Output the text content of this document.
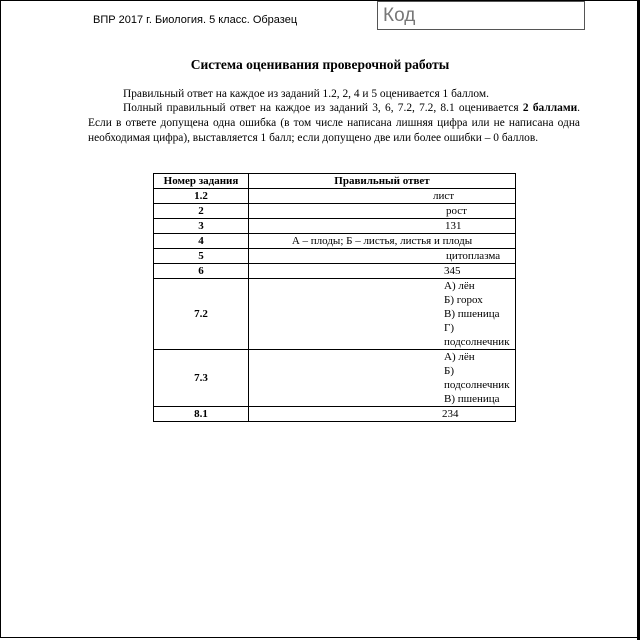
ВПР 2017 г. Биология. 5 класс. Образец	Код
Система оценивания проверочной работы
Правильный ответ на каждое из заданий 1.2, 2, 4 и 5 оценивается 1 баллом.
Полный правильный ответ на каждое из заданий 3, 6, 7.2, 7.2, 8.1 оценивается 2 баллами. Если в ответе допущена одна ошибка (в том числе написана лишняя цифра или не написана одна необходимая цифра), выставляется 1 балл; если допущено две или более ошибки – 0 баллов.
Номер задания	Правильный ответ
1.2	лист
2	рост
3	131
4	А – плоды; Б – листья, листья и плоды
5	цитоплазма
6	345
7.2	А) лён
Б) горох
В) пшеница
Г) подсолнечник

7.3	А) лён
Б) подсолнечник
В) пшеница

8.1	234
